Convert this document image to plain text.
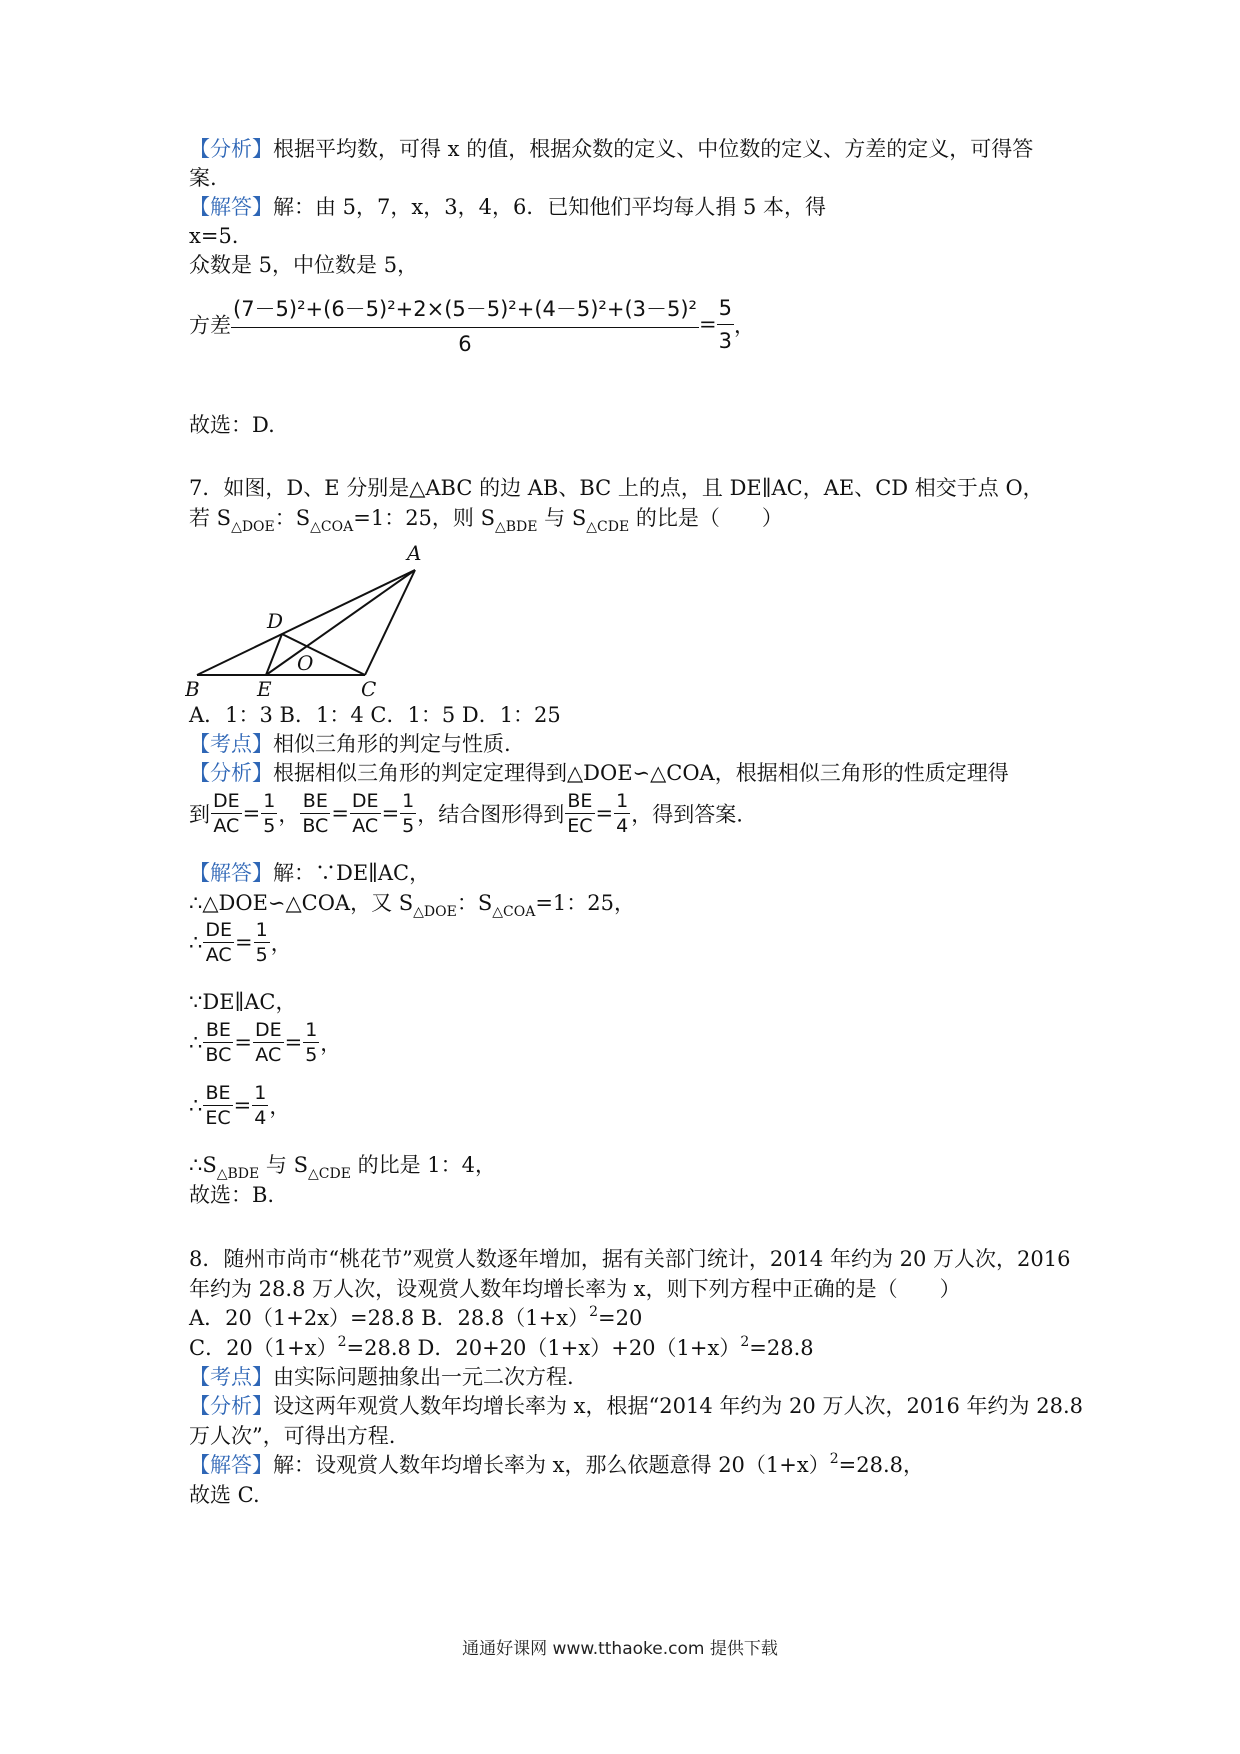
【分析】根据平均数，可得 x 的值，根据众数的定义、中位数的定义、方差的定义，可得答
案.
【解答】解：由 5，7，x，3，4，6．已知他们平均每人捐 5 本，得
x=5.
众数是 5，中位数是 5，
方差 $\frac{\text{(7－5)²+(6－5)²+2×(5－5)²+(4－5)²+(3－5)²}}{6} = \frac{5}{3}$ ，
故选：D.
7．如图，D、E 分别是△ABC 的边 AB、BC 上的点，且 DE∥AC，AE、CD 相交于点 O，
若 $S_{\triangle DOE}$：$S_{\triangle COA}=1$：25，则 $S_{\triangle BDE}$ 与 $S_{\triangle CDE}$ 的比是（　　）
A
B	C
D
E
O
A．1：3 B．1：4 C．1：5 D．1：25
【考点】相似三角形的判定与性质.
【分析】根据相似三角形的判定定理得到△DOE∽△COA，根据相似三角形的性质定理得
到 $\frac{DE}{AC} = \frac{1}{5}$ ， $\frac{BE}{BC} = \frac{DE}{AC} = \frac{1}{5}$ ，结合图形得到 $\frac{BE}{EC} = \frac{1}{4}$ ，得到答案.
【解答】解：∵DE∥AC，
∴△DOE∽△COA，又 $S_{\triangle DOE}$：$S_{\triangle COA}=1$：25，
∴ $\frac{DE}{AC} = \frac{1}{5}$ ，
∵DE∥AC，
∴ $\frac{BE}{BC} = \frac{DE}{AC} = \frac{1}{5}$ ，
∴ $\frac{BE}{EC} = \frac{1}{4}$ ，
$\therefore S_{\triangle BDE}$ 与 $S_{\triangle CDE}$ 的比是 1：4，
故选：B.
8．随州市尚市“桃花节”观赏人数逐年增加，据有关部门统计，2014 年约为 20 万人次，2016
年约为 28.8 万人次，设观赏人数年均增长率为 x，则下列方程中正确的是（　　）
A．20（1+2x）=28.8 B．$28.8(1+x)^2=20$
C．$20(1+x)^2=28.8$ D．$20+20(1+x)+20(1+x)^2=28.8$
【考点】由实际问题抽象出一元二次方程.
【分析】设这两年观赏人数年均增长率为 x，根据“2014 年约为 20 万人次，2016 年约为 28.8
万人次”，可得出方程.
【解答】解：设观赏人数年均增长率为 x，那么依题意得 $20(1+x)^2=28.8$，
故选 C.
通通好课网 www.tthaoke.com 提供下载
